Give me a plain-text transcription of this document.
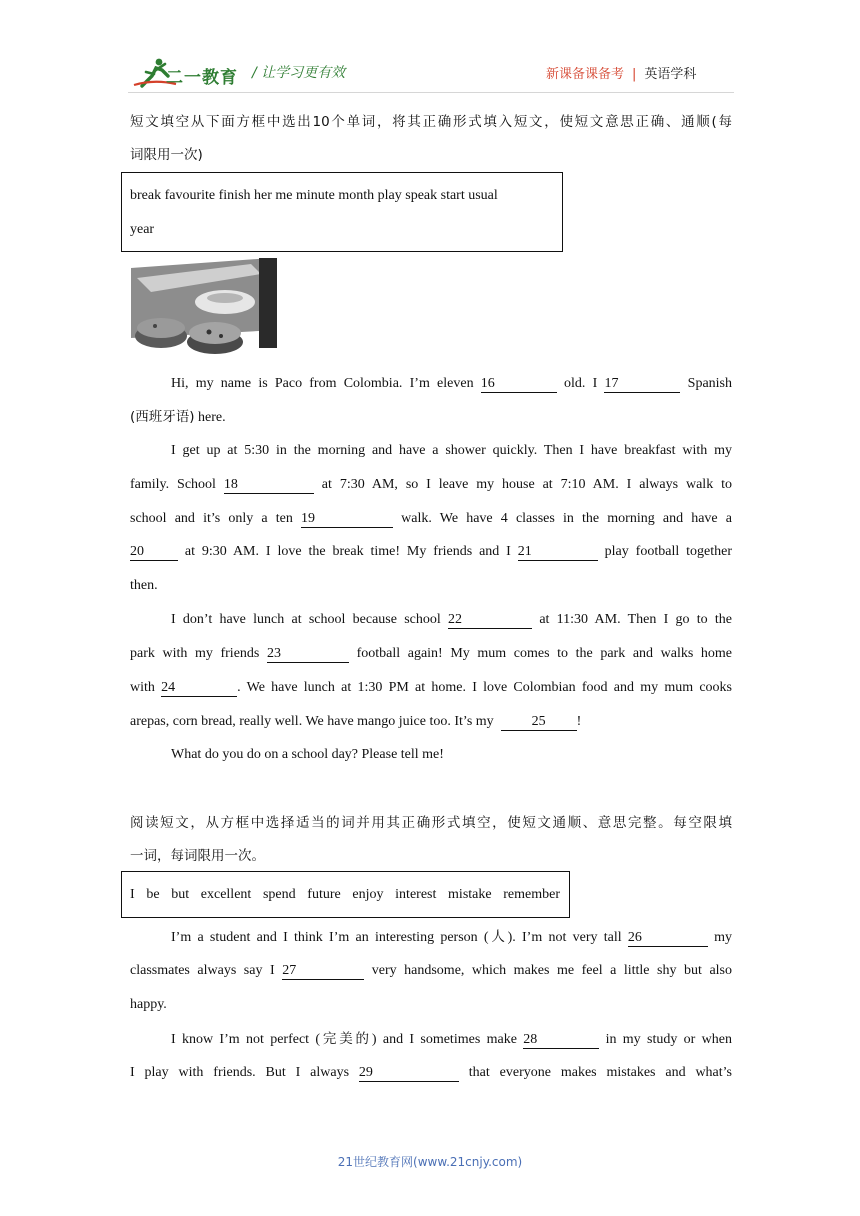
二一教育 / 让学习更有效	新课备课备考 | 英语学科
短文填空从下面方框中选出10个单词，将其正确形式填入短文，使短文意思正确、通顺(每
词限用一次)
break favourite finish her me minute month play speak start usual
year
Hi, my name is Paco from Colombia. I’m eleven 16	old. I 17	Spanish
(西班牙语) here.
I get up at 5:30 in the morning and have a shower quickly. Then I have breakfast with my
family. School 18	at 7:30 AM, so I leave my house at 7:10 AM. I always walk to
school and it’s only a ten 19	walk. We have 4 classes in the morning and have a
20	at 9:30 AM. I love the break time! My friends and I 21	play football together
then.
I don’t have lunch at school because school 22	at 11:30 AM. Then I go to the
park with my friends 23	football again! My mum comes to the park and walks home
with 24	. We have lunch at 1:30 PM at home. I love Colombian food and my mum cooks
arepas, corn bread, really well. We have mango juice too. It’s my	25 !
What do you do on a school day? Please tell me!
阅读短文，从方框中选择适当的词并用其正确形式填空，使短文通顺、意思完整。每空限填
一词，每词限用一次。
I be but excellent spend future enjoy interest mistake remember
I’m a student and I think I’m an interesting person (人). I’m not very tall 26	my
classmates always say I 27	very handsome, which makes me feel a little shy but also
happy.
I know I’m not perfect (完美的) and I sometimes make 28	in my study or when
I play with friends. But I always 29	that everyone makes mistakes and what’s
21世纪教育网(www.21cnjy.com)
